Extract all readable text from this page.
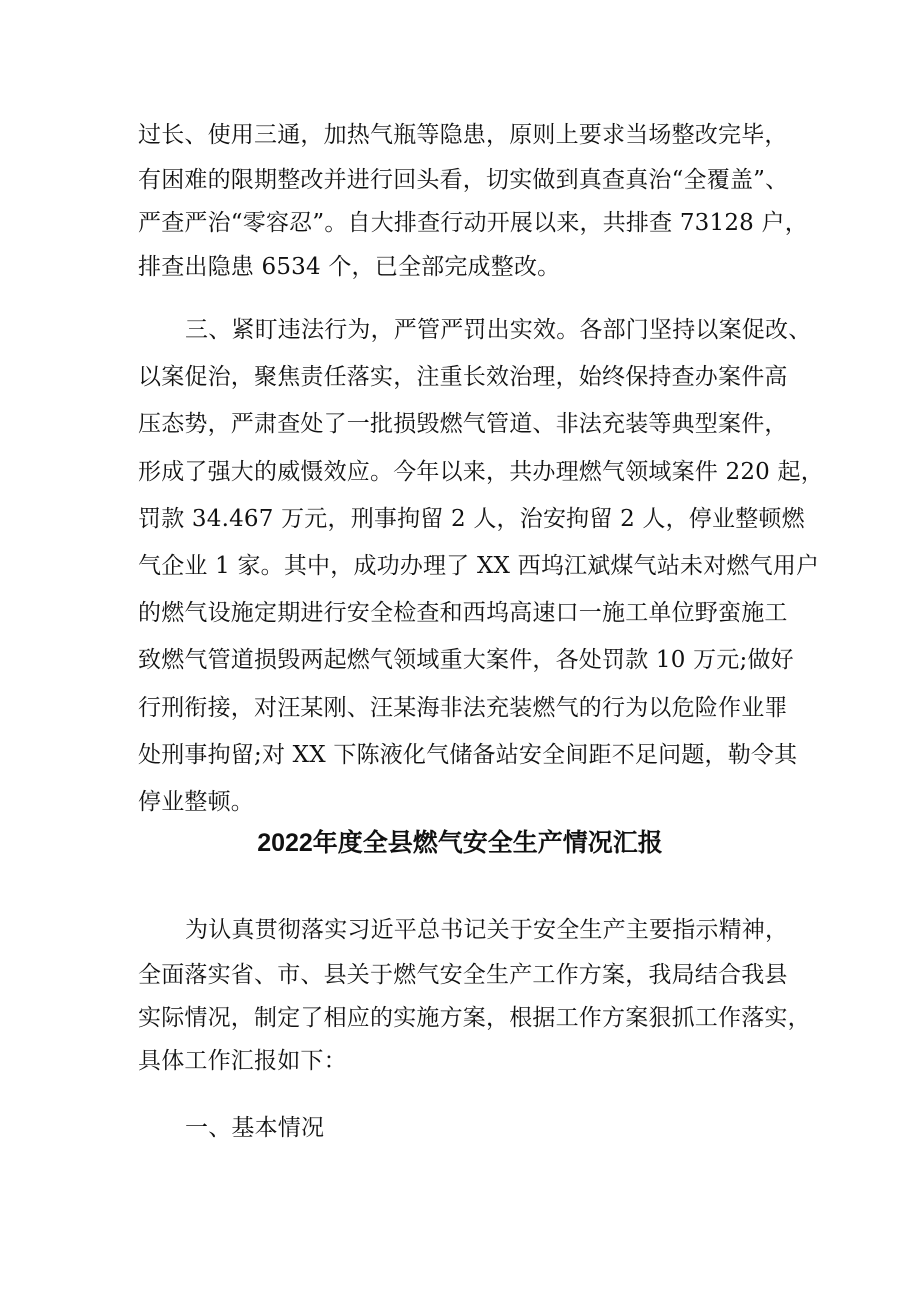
过长、使用三通，加热气瓶等隐患，原则上要求当场整改完毕，
有困难的限期整改并进行回头看，切实做到真查真治“全覆盖”、
严查严治“零容忍”。自大排查行动开展以来，共排查 73128 户，
排查出隐患 6534 个，已全部完成整改。
三、紧盯违法行为，严管严罚出实效。各部门坚持以案促改、
以案促治，聚焦责任落实，注重长效治理，始终保持查办案件高
压态势，严肃查处了一批损毁燃气管道、非法充装等典型案件，
形成了强大的威慑效应。今年以来，共办理燃气领域案件 220 起，
罚款 34.467 万元，刑事拘留 2 人，治安拘留 2 人，停业整顿燃
气企业 1 家。其中，成功办理了 XX 西坞江斌煤气站未对燃气用户
的燃气设施定期进行安全检查和西坞高速口一施工单位野蛮施工
致燃气管道损毁两起燃气领域重大案件，各处罚款 10 万元;做好
行刑衔接，对汪某刚、汪某海非法充装燃气的行为以危险作业罪
处刑事拘留;对 XX 下陈液化气储备站安全间距不足问题，勒令其
停业整顿。
2022年度全县燃气安全生产情况汇报
为认真贯彻落实习近平总书记关于安全生产主要指示精神，
全面落实省、市、县关于燃气安全生产工作方案，我局结合我县
实际情况，制定了相应的实施方案，根据工作方案狠抓工作落实，
具体工作汇报如下：
一、基本情况
